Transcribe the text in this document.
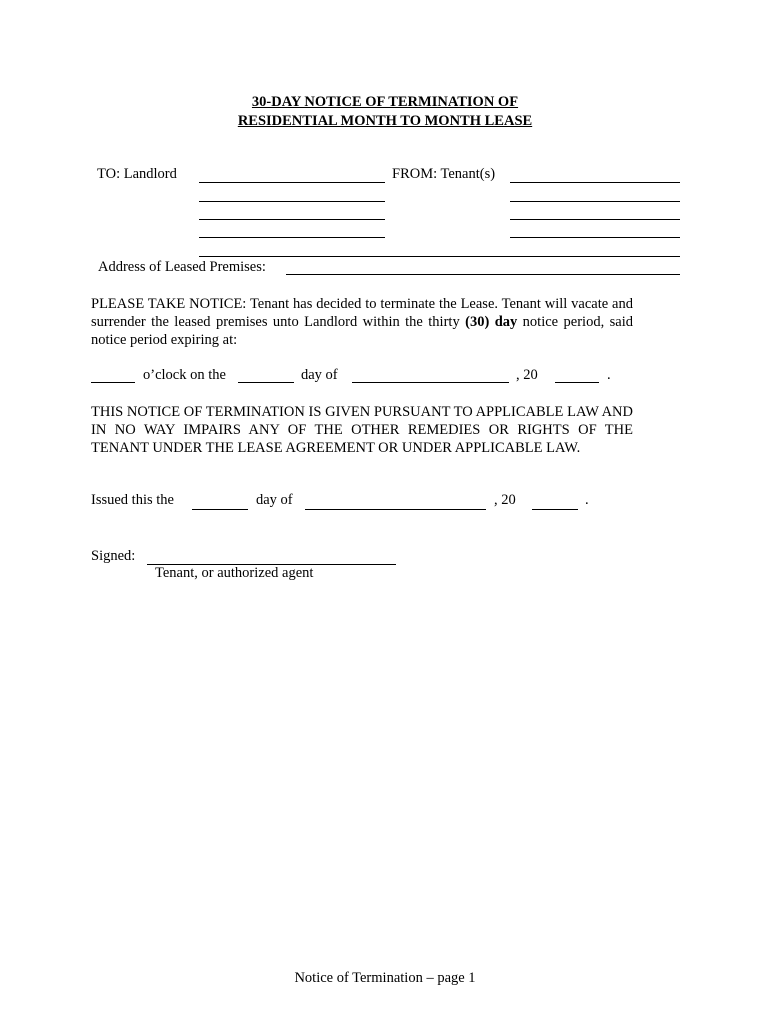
30-DAY NOTICE OF TERMINATION OF
RESIDENTIAL MONTH TO MONTH LEASE
TO: Landlord	FROM: Tenant(s)
Address of Leased Premises:
PLEASE TAKE NOTICE: Tenant has decided to terminate the Lease. Tenant will vacate and surrender the leased premises unto Landlord within the thirty (30) day notice period, said notice period expiring at:
o’clock on the	day of	, 20	.
THIS NOTICE OF TERMINATION IS GIVEN PURSUANT TO APPLICABLE LAW AND IN NO WAY IMPAIRS ANY OF THE OTHER REMEDIES OR RIGHTS OF THE TENANT UNDER THE LEASE AGREEMENT OR UNDER APPLICABLE LAW.
Issued this the	day of	, 20	.
Signed:
Tenant, or authorized agent
Notice of Termination – page 1
